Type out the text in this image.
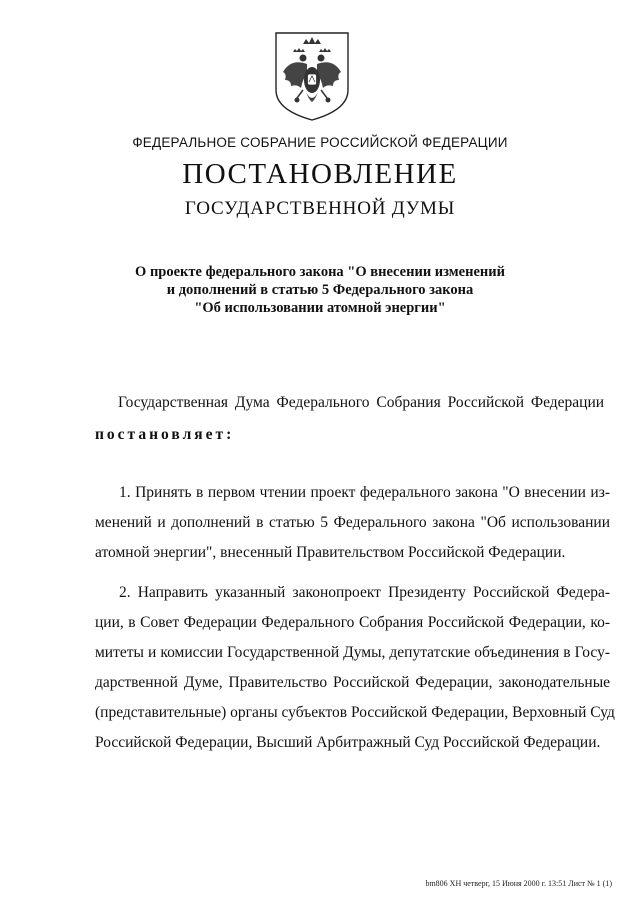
ФЕДЕРАЛЬНОЕ СОБРАНИЕ РОССИЙСКОЙ ФЕДЕРАЦИИ
ПОСТАНОВЛЕНИЕ
ГОСУДАРСТВЕННОЙ ДУМЫ
О проекте федерального закона "О внесении изменений
и дополнений в статью 5 Федерального закона
"Об использовании атомной энергии"
Государственная Дума Федерального Собрания Российской Федерации
постановляет:
1. Принять в первом чтении проект федерального закона "О внесении из-
менений и дополнений в статью 5 Федерального закона "Об использовании
атомной энергии", внесенный Правительством Российской Федерации.
2. Направить указанный законопроект Президенту Российской Федера-
ции, в Совет Федерации Федерального Собрания Российской Федерации, ко-
митеты и комиссии Государственной Думы, депутатские объединения в Госу-
дарственной Думе, Правительство Российской Федерации, законодательные
(представительные) органы субъектов Российской Федерации, Верховный Суд
Российской Федерации, Высший Арбитражный Суд Российской Федерации.
bm806 ХН четверг, 15 Июня 2000 г. 13:51 Лист № 1 (1)
